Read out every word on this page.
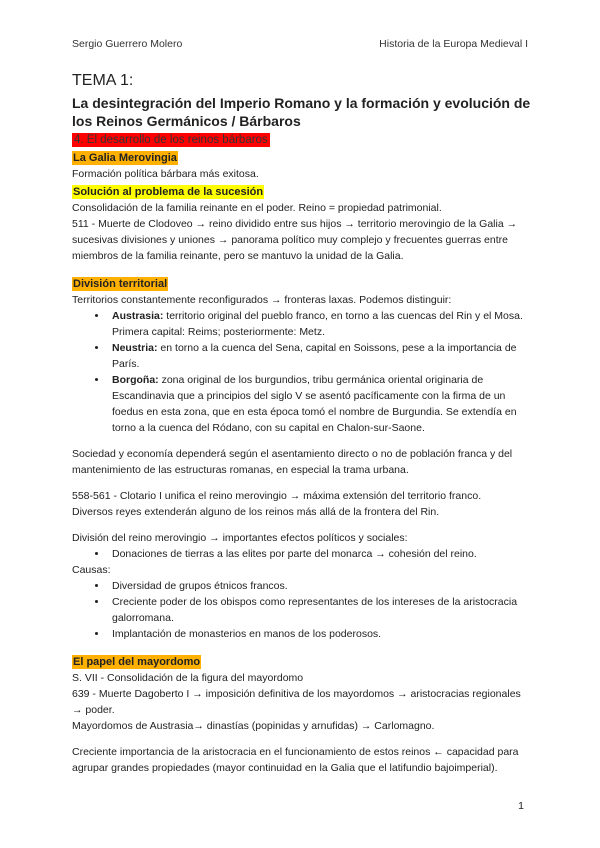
Sergio Guerrero Molero	Historia de la Europa Medieval I
TEMA 1:
La desintegración del Imperio Romano y la formación y evolución de los Reinos Germánicos / Bárbaros
4. El desarrollo de los reinos bárbaros
La Galia Merovingia

Formación política bárbara más exitosa.

Solución al problema de la sucesión

Consolidación de la familia reinante en el poder. Reino = propiedad patrimonial.

511 - Muerte de Clodoveo → reino dividido entre sus hijos → territorio merovingio de la Galia → sucesivas divisiones y uniones → panorama político muy complejo y frecuentes guerras entre miembros de la familia reinante, pero se mantuvo la unidad de la Galia.

División territorial

Territorios constantemente reconfigurados → fronteras laxas. Podemos distinguir:

• Austrasia: territorio original del pueblo franco, en torno a las cuencas del Rin y el Mosa. Primera capital: Reims; posteriormente: Metz.
• Neustria: en torno a la cuenca del Sena, capital en Soissons, pese a la importancia de París.
• Borgoña: zona original de los burgundios, tribu germánica oriental originaria de Escandinavia que a principios del siglo V se asentó pacíficamente con la firma de un foedus en esta zona, que en esta época tomó el nombre de Burgundia. Se extendía en torno a la cuenca del Ródano, con su capital en Chalon-sur-Saone.

Sociedad y economía dependerá según el asentamiento directo o no de población franca y del mantenimiento de las estructuras romanas, en especial la trama urbana.

558-561 - Clotario I unifica el reino merovingio → máxima extensión del territorio franco.

Diversos reyes extenderán alguno de los reinos más allá de la frontera del Rin.

División del reino merovingio → importantes efectos políticos y sociales:

• Donaciones de tierras a las elites por parte del monarca → cohesión del reino.

Causas:

• Diversidad de grupos étnicos francos.
• Creciente poder de los obispos como representantes de los intereses de la aristocracia galorromana.
• Implantación de monasterios en manos de los poderosos.
El papel del mayordomo

S. VII - Consolidación de la figura del mayordomo

639 - Muerte Dagoberto I → imposición definitiva de los mayordomos → aristocracias regionales → poder.

Mayordomos de Austrasia→ dinastías (popinidas y arnufidas) → Carlomagno.

Creciente importancia de la aristocracia en el funcionamiento de estos reinos ← capacidad para agrupar grandes propiedades (mayor continuidad en la Galia que el latifundio bajoimperial).

1
